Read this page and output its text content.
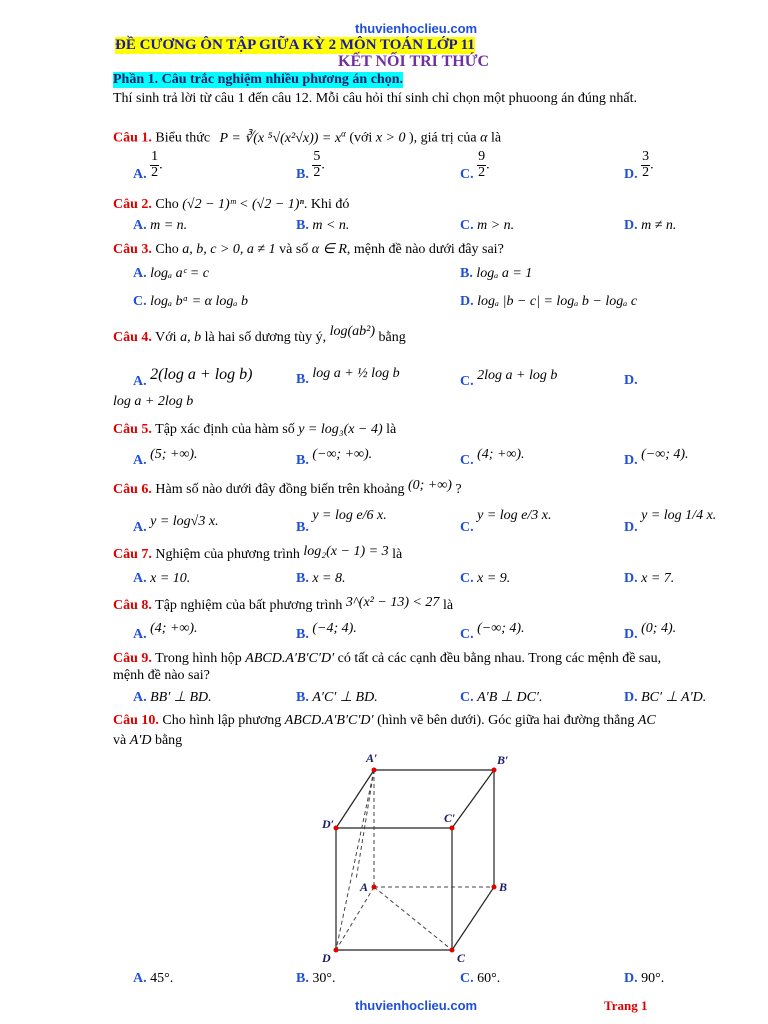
thuvienhoclieu.com
ĐỀ CƯƠNG ÔN TẬP GIỮA KỲ 2 MÔN TOÁN LỚP 11
KẾT NỐI TRI THỨC
Phần 1. Câu trắc nghiệm nhiều phương án chọn.
Thí sinh trả lời từ câu 1 đến câu 12. Mỗi câu hỏi thí sinh chỉ chọn một phuoong án đúng nhất.
Câu 1. Biểu thức P = ∛(x $^5√(x^2√x)) = x^\alpha$ (với x > 0 ), giá trị của α là
A. $\frac{1}{2}$ .
B. $\frac{5}{2}$ .
C. $\frac{9}{2}$ .
D. $\frac{3}{2}$ .
Câu 2. Cho (√2 − 1)ᵐ < (√2 − 1)ⁿ. Khi đó
A. m = n.	B. m < n.	C. m > n.	D. m ≠ n.
Câu 3. Cho a, b, c > 0, a ≠ 1 và số α ∈ R, mệnh đề nào dưới đây sai?
A. logₐ aᶜ = c	B. logₐ a = 1
C. logₐ bᵅ = α logₐ b	D. logₐ |b − c| = logₐ b − logₐ c
Câu 4. Với a, b là hai số dương tùy ý, log(ab²) bằng
A. 2(log a + log b)	B. log a + ½ log b
C. 2log a + log b	D.
log a + 2log b
Câu 5. Tập xác định của hàm số y = log₃(x − 4) là
A. (5; +∞).	B. (−∞; +∞).	C. (4; +∞).	D. (−∞; 4).
Câu 6. Hàm số nào dưới đây đồng biến trên khoảng (0; +∞) ?
A. y = log√3 x.	B. y = log e/6 x.
C. y = log e/3 x.
D. y = log 1/4 x.
Câu 7. Nghiệm của phương trình log₂(x − 1) = 3 là
A. x = 10.	B. x = 8.	C. x = 9.	D. x = 7.
Câu 8. Tập nghiệm của bất phương trình 3^(x² − 13) < 27 là
A. (4; +∞).	B. (−4; 4).	C. (−∞; 4).	D. (0; 4).
Câu 9. Trong hình hộp ABCD.A′B′C′D′ có tất cả các cạnh đều bằng nhau. Trong các mệnh đề sau,
mệnh đề nào sai?
A. BB′ ⊥ BD.	B. A′C′ ⊥ BD.	C. A′B ⊥ DC′.	D. BC′ ⊥ A′D.
Câu 10. Cho hình lập phương ABCD.A′B′C′D′ (hình vẽ bên dưới). Góc giữa hai đường thẳng AC
và A′D bằng
A′	B′
C′
D′
A	B
C
D
A. 45°.	B. 30°.	C. 60°.	D. 90°.
thuvienhoclieu.com	Trang 1
